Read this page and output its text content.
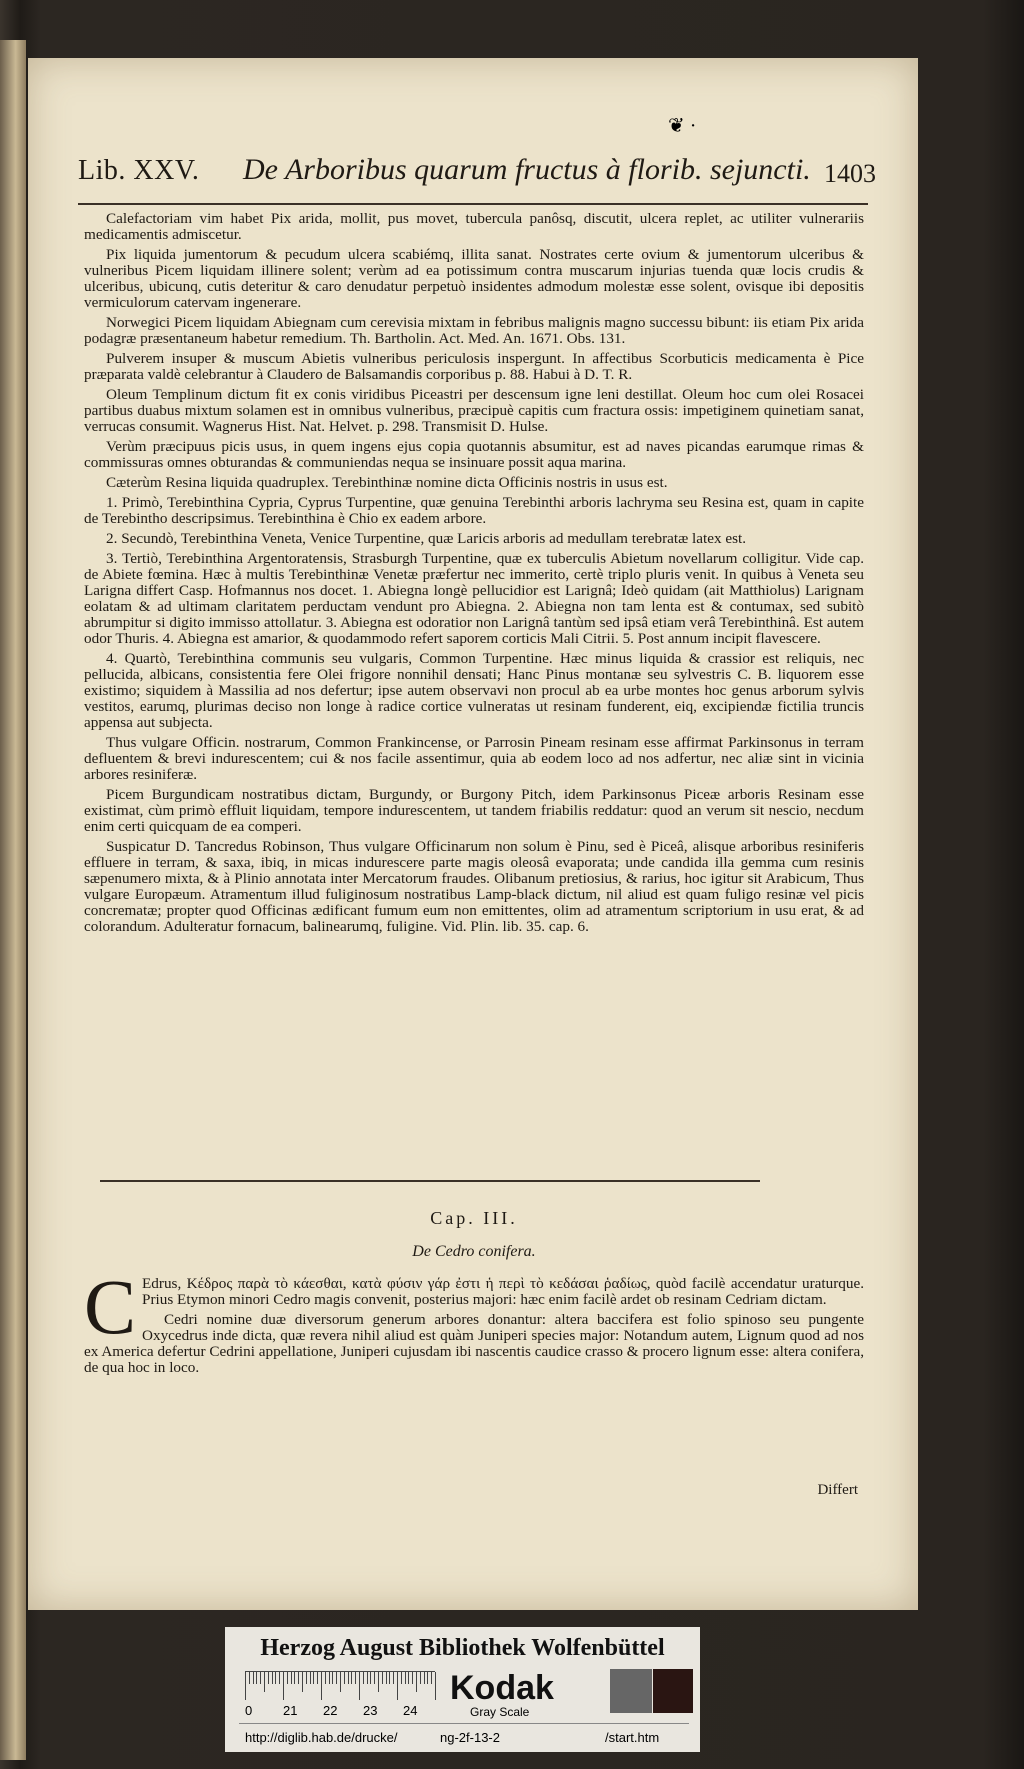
❦ ·
Lib. XXV. De Arboribus quarum fructus à florib. sejuncti. 1403

Calefactoriam vim habet Pix arida, mollit, pus movet, tubercula panôsq, discutit, ulcera replet, ac utiliter vulnerariis medicamentis admiscetur.

Pix liquida jumentorum & pecudum ulcera scabiémq, illita sanat. Nostrates certe ovium & jumentorum ulceribus & vulneribus Picem liquidam illinere solent; verùm ad ea potissimum contra muscarum injurias tuenda quæ locis crudis & ulceribus, ubicunq, cutis deteritur & caro denudatur perpetuò insidentes admodum molestæ esse solent, ovisque ibi depositis vermiculorum catervam ingenerare.

Norwegici Picem liquidam Abiegnam cum cerevisia mixtam in febribus malignis magno successu bibunt: iis etiam Pix arida podagræ præsentaneum habetur remedium. Th. Bartholin. Act. Med. An. 1671. Obs. 131.

Pulverem insuper & muscum Abietis vulneribus periculosis inspergunt. In affectibus Scorbuticis medicamenta è Pice præparata valdè celebrantur à Claudero de Balsamandis corporibus p. 88. Habui à D. T. R.

Oleum Templinum dictum fit ex conis viridibus Piceastri per descensum igne leni destillat. Oleum hoc cum olei Rosacei partibus duabus mixtum solamen est in omnibus vulneribus, præcipuè capitis cum fractura ossis: impetiginem quinetiam sanat, verrucas consumit. Wagnerus Hist. Nat. Helvet. p. 298. Transmisit D. Hulse.

Verùm præcipuus picis usus, in quem ingens ejus copia quotannis absumitur, est ad naves picandas earumque rimas & commissuras omnes obturandas & communiendas nequa se insinuare possit aqua marina.

Cæterùm Resina liquida quadruplex. Terebinthinæ nomine dicta Officinis nostris in usus est.

1. Primò, Terebinthina Cypria, Cyprus Turpentine, quæ genuina Terebinthi arboris lachryma seu Resina est, quam in capite de Terebintho descripsimus. Terebinthina è Chio ex eadem arbore.

2. Secundò, Terebinthina Veneta, Venice Turpentine, quæ Laricis arboris ad medullam terebratæ latex est.

3. Tertiò, Terebinthina Argentoratensis, Strasburgh Turpentine, quæ ex tuberculis Abietum novellarum colligitur. Vide cap. de Abiete fœmina. Hæc à multis Terebinthinæ Venetæ præfertur nec immerito, certè triplo pluris venit. In quibus à Veneta seu Larigna differt Casp. Hofmannus nos docet. 1. Abiegna longè pellucidior est Larignâ; Ideò quidam (ait Matthiolus) Larignam eolatam & ad ultimam claritatem perductam vendunt pro Abiegna. 2. Abiegna non tam lenta est & contumax, sed subitò abrumpitur si digito immisso attollatur. 3. Abiegna est odoratior non Larignâ tantùm sed ipsâ etiam verâ Terebinthinâ. Est autem odor Thuris. 4. Abiegna est amarior, & quodammodo refert saporem corticis Mali Citrii. 5. Post annum incipit flavescere.

4. Quartò, Terebinthina communis seu vulgaris, Common Turpentine. Hæc minus liquida & crassior est reliquis, nec pellucida, albicans, consistentia fere Olei frigore nonnihil densati; Hanc Pinus montanæ seu sylvestris C. B. liquorem esse existimo; siquidem à Massilia ad nos defertur; ipse autem observavi non procul ab ea urbe montes hoc genus arborum sylvis vestitos, earumq, plurimas deciso non longe à radice cortice vulneratas ut resinam funderent, eiq, excipiendæ fictilia truncis appensa aut subjecta.

Thus vulgare Officin. nostrarum, Common Frankincense, or Parrosin Pineam resinam esse affirmat Parkinsonus in terram defluentem & brevi indurescentem; cui & nos facile assentimur, quia ab eodem loco ad nos adfertur, nec aliæ sint in vicinia arbores resiniferæ.

Picem Burgundicam nostratibus dictam, Burgundy, or Burgony Pitch, idem Parkinsonus Piceæ arboris Resinam esse existimat, cùm primò effluit liquidam, tempore indurescentem, ut tandem friabilis reddatur: quod an verum sit nescio, necdum enim certi quicquam de ea comperi.

Suspicatur D. Tancredus Robinson, Thus vulgare Officinarum non solum è Pinu, sed è Piceâ, alisque arboribus resiniferis effluere in terram, & saxa, ibiq, in micas indurescere parte magis oleosâ evaporata; unde candida illa gemma cum resinis sæpenumero mixta, & à Plinio annotata inter Mercatorum fraudes. Olibanum pretiosius, & rarius, hoc igitur sit Arabicum, Thus vulgare Europæum. Atramentum illud fuliginosum nostratibus Lamp-black dictum, nil aliud est quam fuligo resinæ vel picis concrematæ; propter quod Officinas ædificant fumum eum non emittentes, olim ad atramentum scriptorium in usu erat, & ad colorandum. Adulteratur fornacum, balinearumq, fuligine. Vid. Plin. lib. 35. cap. 6.

Cap. III.
De Cedro conifera.
C Edrus, Κέδρος παρὰ τὸ κάεσθαι, κατὰ φύσιν γάρ ἐστι ἡ περὶ τὸ κεδάσαι ῥαδίως, quòd facilè accendatur uraturque. Prius Etymon minori Cedro magis convenit, posterius majori: hæc enim facilè ardet ob resinam Cedriam dictam.

Cedri nomine duæ diversorum generum arbores donantur: altera baccifera est folio spinoso seu pungente Oxycedrus inde dicta, quæ revera nihil aliud est quàm Juniperi species major: Notandum autem, Lignum quod ad nos ex America defertur Cedrini appellatione, Juniperi cujusdam ibi nascentis caudice crasso & procero lignum esse: altera conifera, de qua hoc in loco.

Differt
Herzog August Bibliothek Wolfenbüttel
0 21 22 23 24
Kodak
Gray Scale
http://diglib.hab.de/drucke/	ng-2f-13-2	/start.htm
